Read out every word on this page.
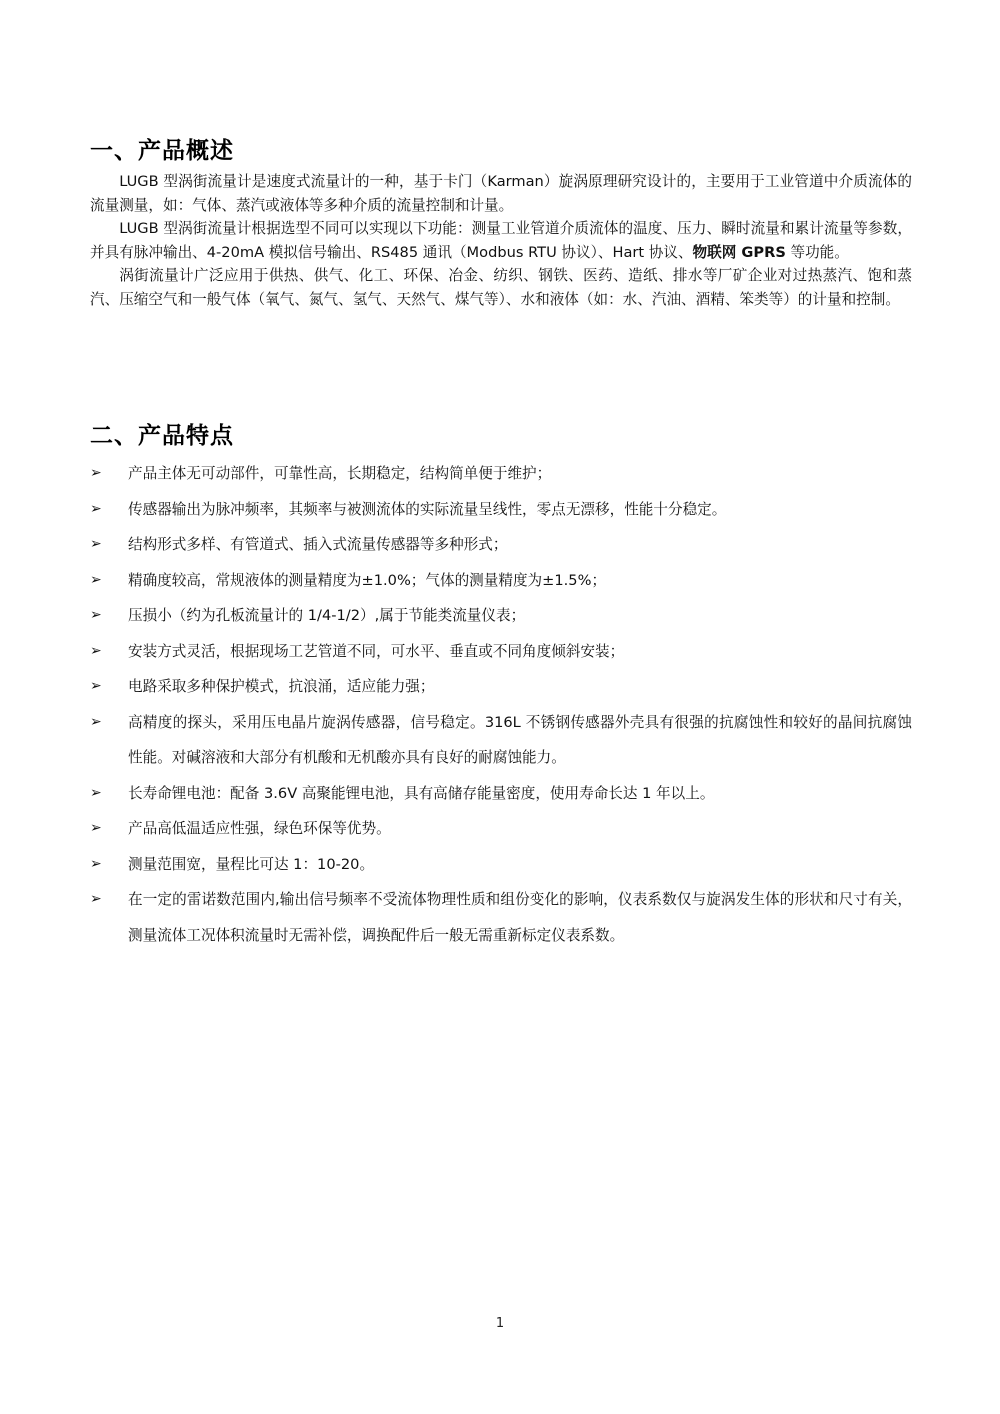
一、产品概述

LUGB 型涡街流量计是速度式流量计的一种，基于卡门（Karman）旋涡原理研究设计的，主要用于工业管道中介质流体的流量测量，如：气体、蒸汽或液体等多种介质的流量控制和计量。

LUGB 型涡街流量计根据选型不同可以实现以下功能：测量工业管道介质流体的温度、压力、瞬时流量和累计流量等参数，并具有脉冲输出、4-20mA 模拟信号输出、RS485 通讯（Modbus RTU 协议）、Hart 协议、物联网 GPRS 等功能。

涡街流量计广泛应用于供热、供气、化工、环保、冶金、纺织、钢铁、医药、造纸、排水等厂矿企业对过热蒸汽、饱和蒸汽、压缩空气和一般气体（氧气、氮气、氢气、天然气、煤气等）、水和液体（如：水、汽油、酒精、笨类等）的计量和控制。

二、产品特点
➢ 产品主体无可动部件，可靠性高，长期稳定，结构简单便于维护；
➢ 传感器输出为脉冲频率，其频率与被测流体的实际流量呈线性，零点无漂移，性能十分稳定。
➢ 结构形式多样、有管道式、插入式流量传感器等多种形式；
➢ 精确度较高，常规液体的测量精度为±1.0%；气体的测量精度为±1.5%；
➢ 压损小（约为孔板流量计的 1/4-1/2）,属于节能类流量仪表；
➢ 安装方式灵活，根据现场工艺管道不同，可水平、垂直或不同角度倾斜安装；
➢ 电路采取多种保护模式，抗浪涌，适应能力强；
➢ 高精度的探头，采用压电晶片旋涡传感器，信号稳定。316L 不锈钢传感器外壳具有很强的抗腐蚀性和较好的晶间抗腐蚀性能。对碱溶液和大部分有机酸和无机酸亦具有良好的耐腐蚀能力。
➢ 长寿命锂电池：配备 3.6V 高聚能锂电池，具有高储存能量密度，使用寿命长达 1 年以上。
➢ 产品高低温适应性强，绿色环保等优势。
➢ 测量范围宽，量程比可达 1：10-20。
➢ 在一定的雷诺数范围内,输出信号频率不受流体物理性质和组份变化的影响，仪表系数仅与旋涡发生体的形状和尺寸有关，测量流体工况体积流量时无需补偿，调换配件后一般无需重新标定仪表系数。
1
